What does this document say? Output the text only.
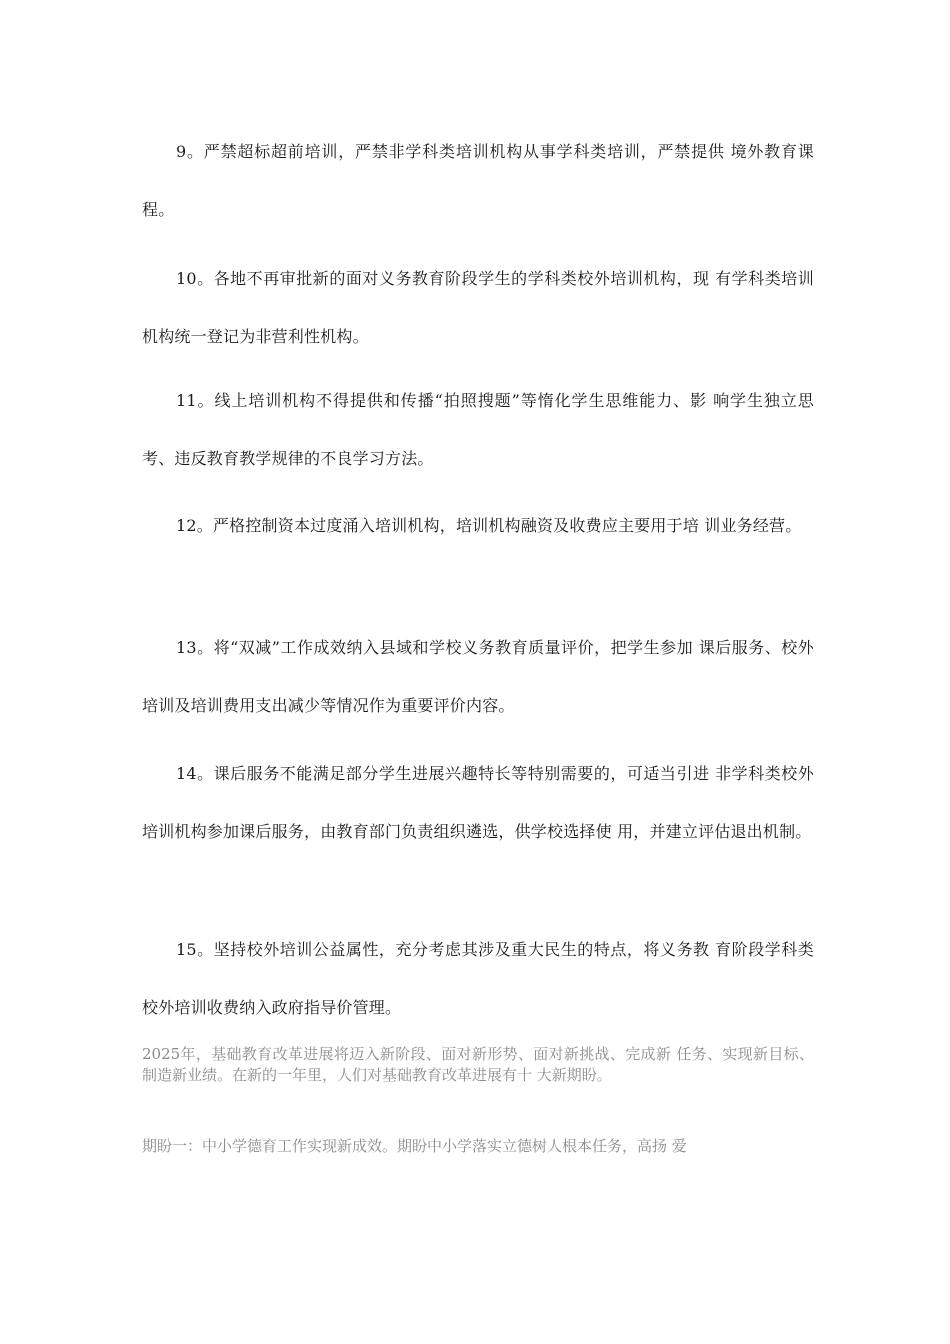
9。严禁超标超前培训，严禁非学科类培训机构从事学科类培训，严禁提供 境外教育课程。

10。各地不再审批新的面对义务教育阶段学生的学科类校外培训机构，现 有学科类培训机构统一登记为非营利性机构。

11。线上培训机构不得提供和传播“拍照搜题”等惰化学生思维能力、影 响学生独立思考、违反教育教学规律的不良学习方法。

12。严格控制资本过度涌入培训机构，培训机构融资及收费应主要用于培 训业务经营。

13。将“双减”工作成效纳入县域和学校义务教育质量评价，把学生参加 课后服务、校外培训及培训费用支出减少等情况作为重要评价内容。

14。课后服务不能满足部分学生进展兴趣特长等特别需要的，可适当引进 非学科类校外培训机构参加课后服务，由教育部门负责组织遴选，供学校选择使 用，并建立评估退出机制。

15。坚持校外培训公益属性，充分考虑其涉及重大民生的特点，将义务教 育阶段学科类校外培训收费纳入政府指导价管理。

2025年，基础教育改革进展将迈入新阶段、面对新形势、面对新挑战、完成新 任务、实现新目标、制造新业绩。在新的一年里，人们对基础教育改革进展有十 大新期盼。

期盼一：中小学德育工作实现新成效。期盼中小学落实立德树人根本任务，高扬 爱
